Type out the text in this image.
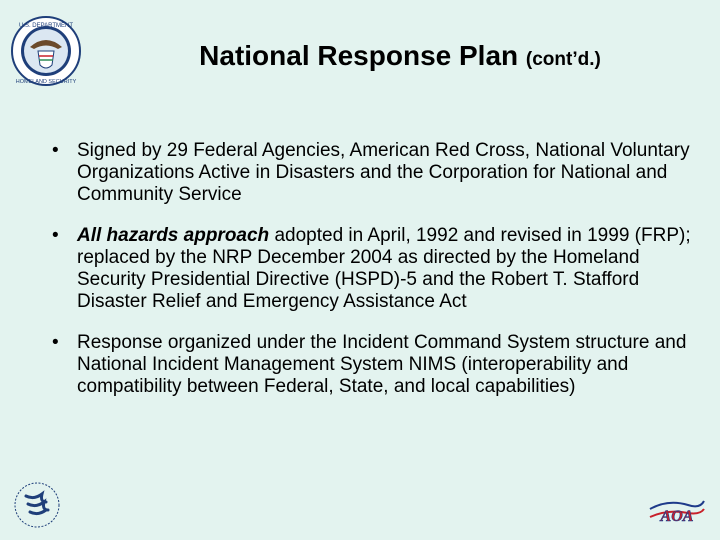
U.S. DEPARTMENT
HOMELAND SECURITY
National Response Plan (cont’d.)
• Signed by 29 Federal Agencies, American Red Cross, National Voluntary Organizations Active in Disasters and the Corporation for National and Community Service
• All hazards approach adopted in April, 1992 and revised in 1999 (FRP); replaced by the NRP December 2004 as directed by the Homeland Security Presidential Directive (HSPD)-5 and the Robert T. Stafford Disaster Relief and Emergency Assistance Act
• Response organized under the Incident Command System structure and National Incident Management System NIMS (interoperability and compatibility between Federal, State, and local capabilities)
AOA
